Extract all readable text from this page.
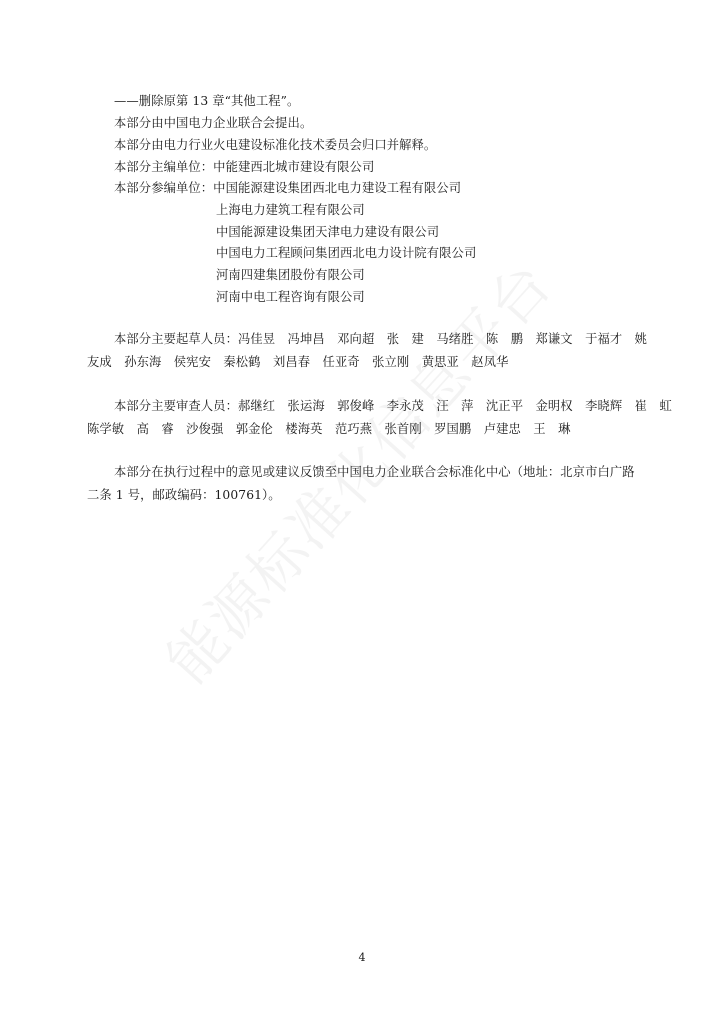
——删除原第 13 章“其他工程”。
本部分由中国电力企业联合会提出。
本部分由电力行业火电建设标准化技术委员会归口并解释。
本部分主编单位：中能建西北城市建设有限公司
本部分参编单位：中国能源建设集团西北电力建设工程有限公司
上海电力建筑工程有限公司
中国能源建设集团天津电力建设有限公司
中国电力工程顾问集团西北电力设计院有限公司
河南四建集团股份有限公司
河南中电工程咨询有限公司
本部分主要起草人员：冯佳昱　冯坤昌　邓向超　张　建　马绪胜　陈　鹏　郑谦文　于福才　姚
友成　孙东海　侯宪安　秦松鹤　刘昌春　任亚奇　张立刚　黄思亚　赵凤华
本部分主要审查人员：郝继红　张运海　郭俊峰　李永茂　汪　萍　沈正平　金明权　李晓辉　崔　虹
陈学敏　高　睿　沙俊强　郭金伦　楼海英　范巧燕　张首刚　罗国鹏　卢建忠　王　琳
本部分在执行过程中的意见或建议反馈至中国电力企业联合会标准化中心（地址：北京市白广路
二条 1 号，邮政编码：100761）。
4
